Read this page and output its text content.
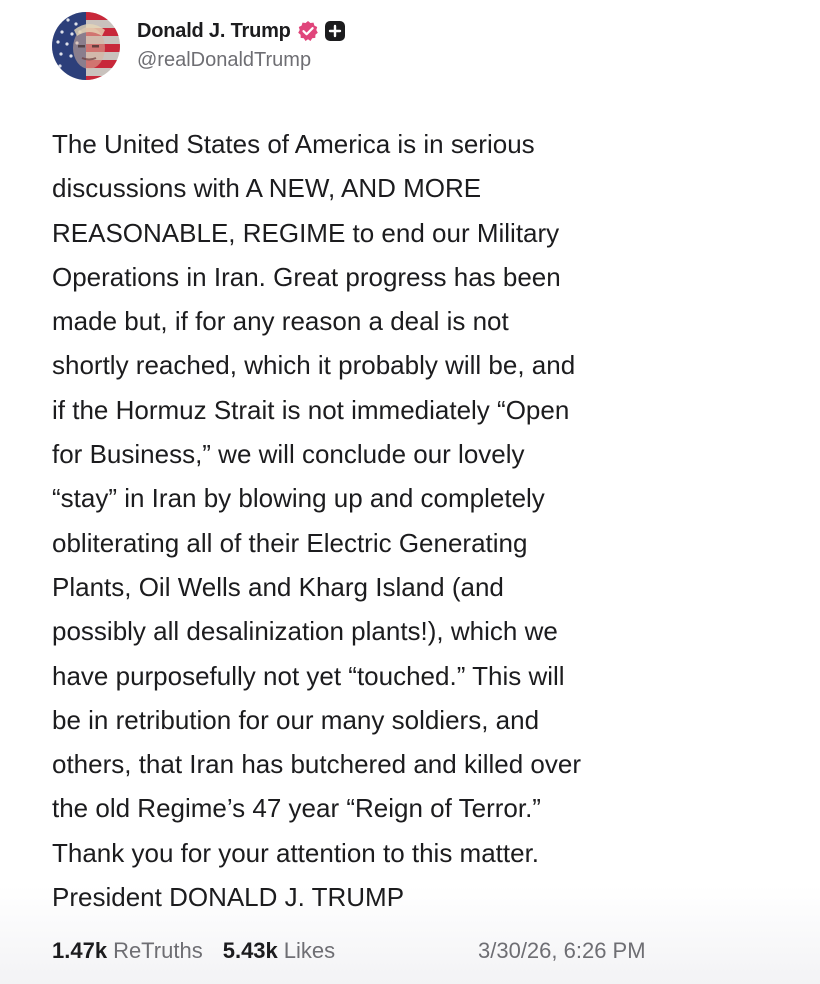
Donald J. Trump
@realDonaldTrump
The United States of America is in serious
discussions with A NEW, AND MORE
REASONABLE, REGIME to end our Military
Operations in Iran. Great progress has been
made but, if for any reason a deal is not
shortly reached, which it probably will be, and
if the Hormuz Strait is not immediately “Open
for Business,” we will conclude our lovely
“stay” in Iran by blowing up and completely
obliterating all of their Electric Generating
Plants, Oil Wells and Kharg Island (and
possibly all desalinization plants!), which we
have purposefully not yet “touched.” This will
be in retribution for our many soldiers, and
others, that Iran has butchered and killed over
the old Regime’s 47 year “Reign of Terror.”
Thank you for your attention to this matter.
President DONALD J. TRUMP
1.47k ReTruths 5.43k Likes	3/30/26, 6:26 PM
